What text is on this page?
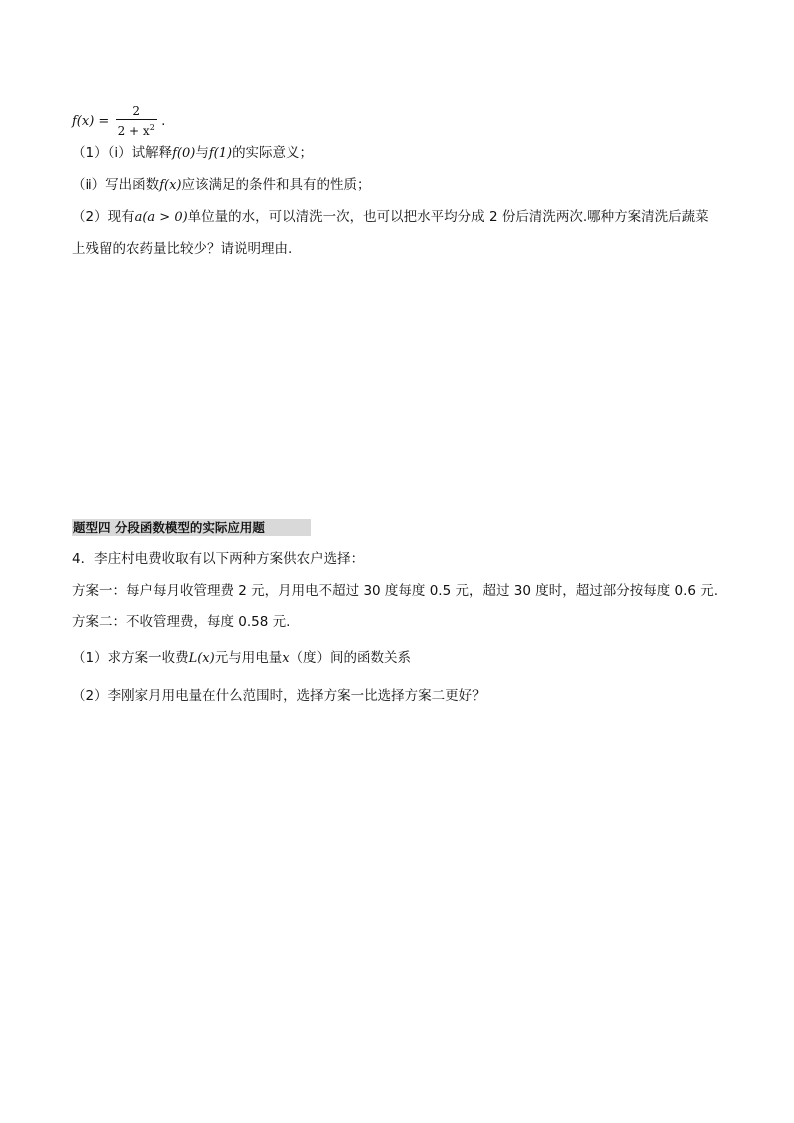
$f(x) = \frac{2}{2 + x^2}$ .
（1）（ⅰ）试解释f(0)与f(1)的实际意义；
（ⅱ）写出函数f(x)应该满足的条件和具有的性质；
（2）现有a(a > 0)单位量的水，可以清洗一次，也可以把水平均分成 2 份后清洗两次.哪种方案清洗后蔬菜
上残留的农药量比较少？请说明理由.
题型四 分段函数模型的实际应用题
4．李庄村电费收取有以下两种方案供农户选择：
方案一：每户每月收管理费 2 元，月用电不超过 30 度每度 0.5 元，超过 30 度时，超过部分按每度 0.6 元.
方案二：不收管理费，每度 0.58 元.
（1）求方案一收费L(x)元与用电量x（度）间的函数关系
（2）李刚家月用电量在什么范围时，选择方案一比选择方案二更好？
